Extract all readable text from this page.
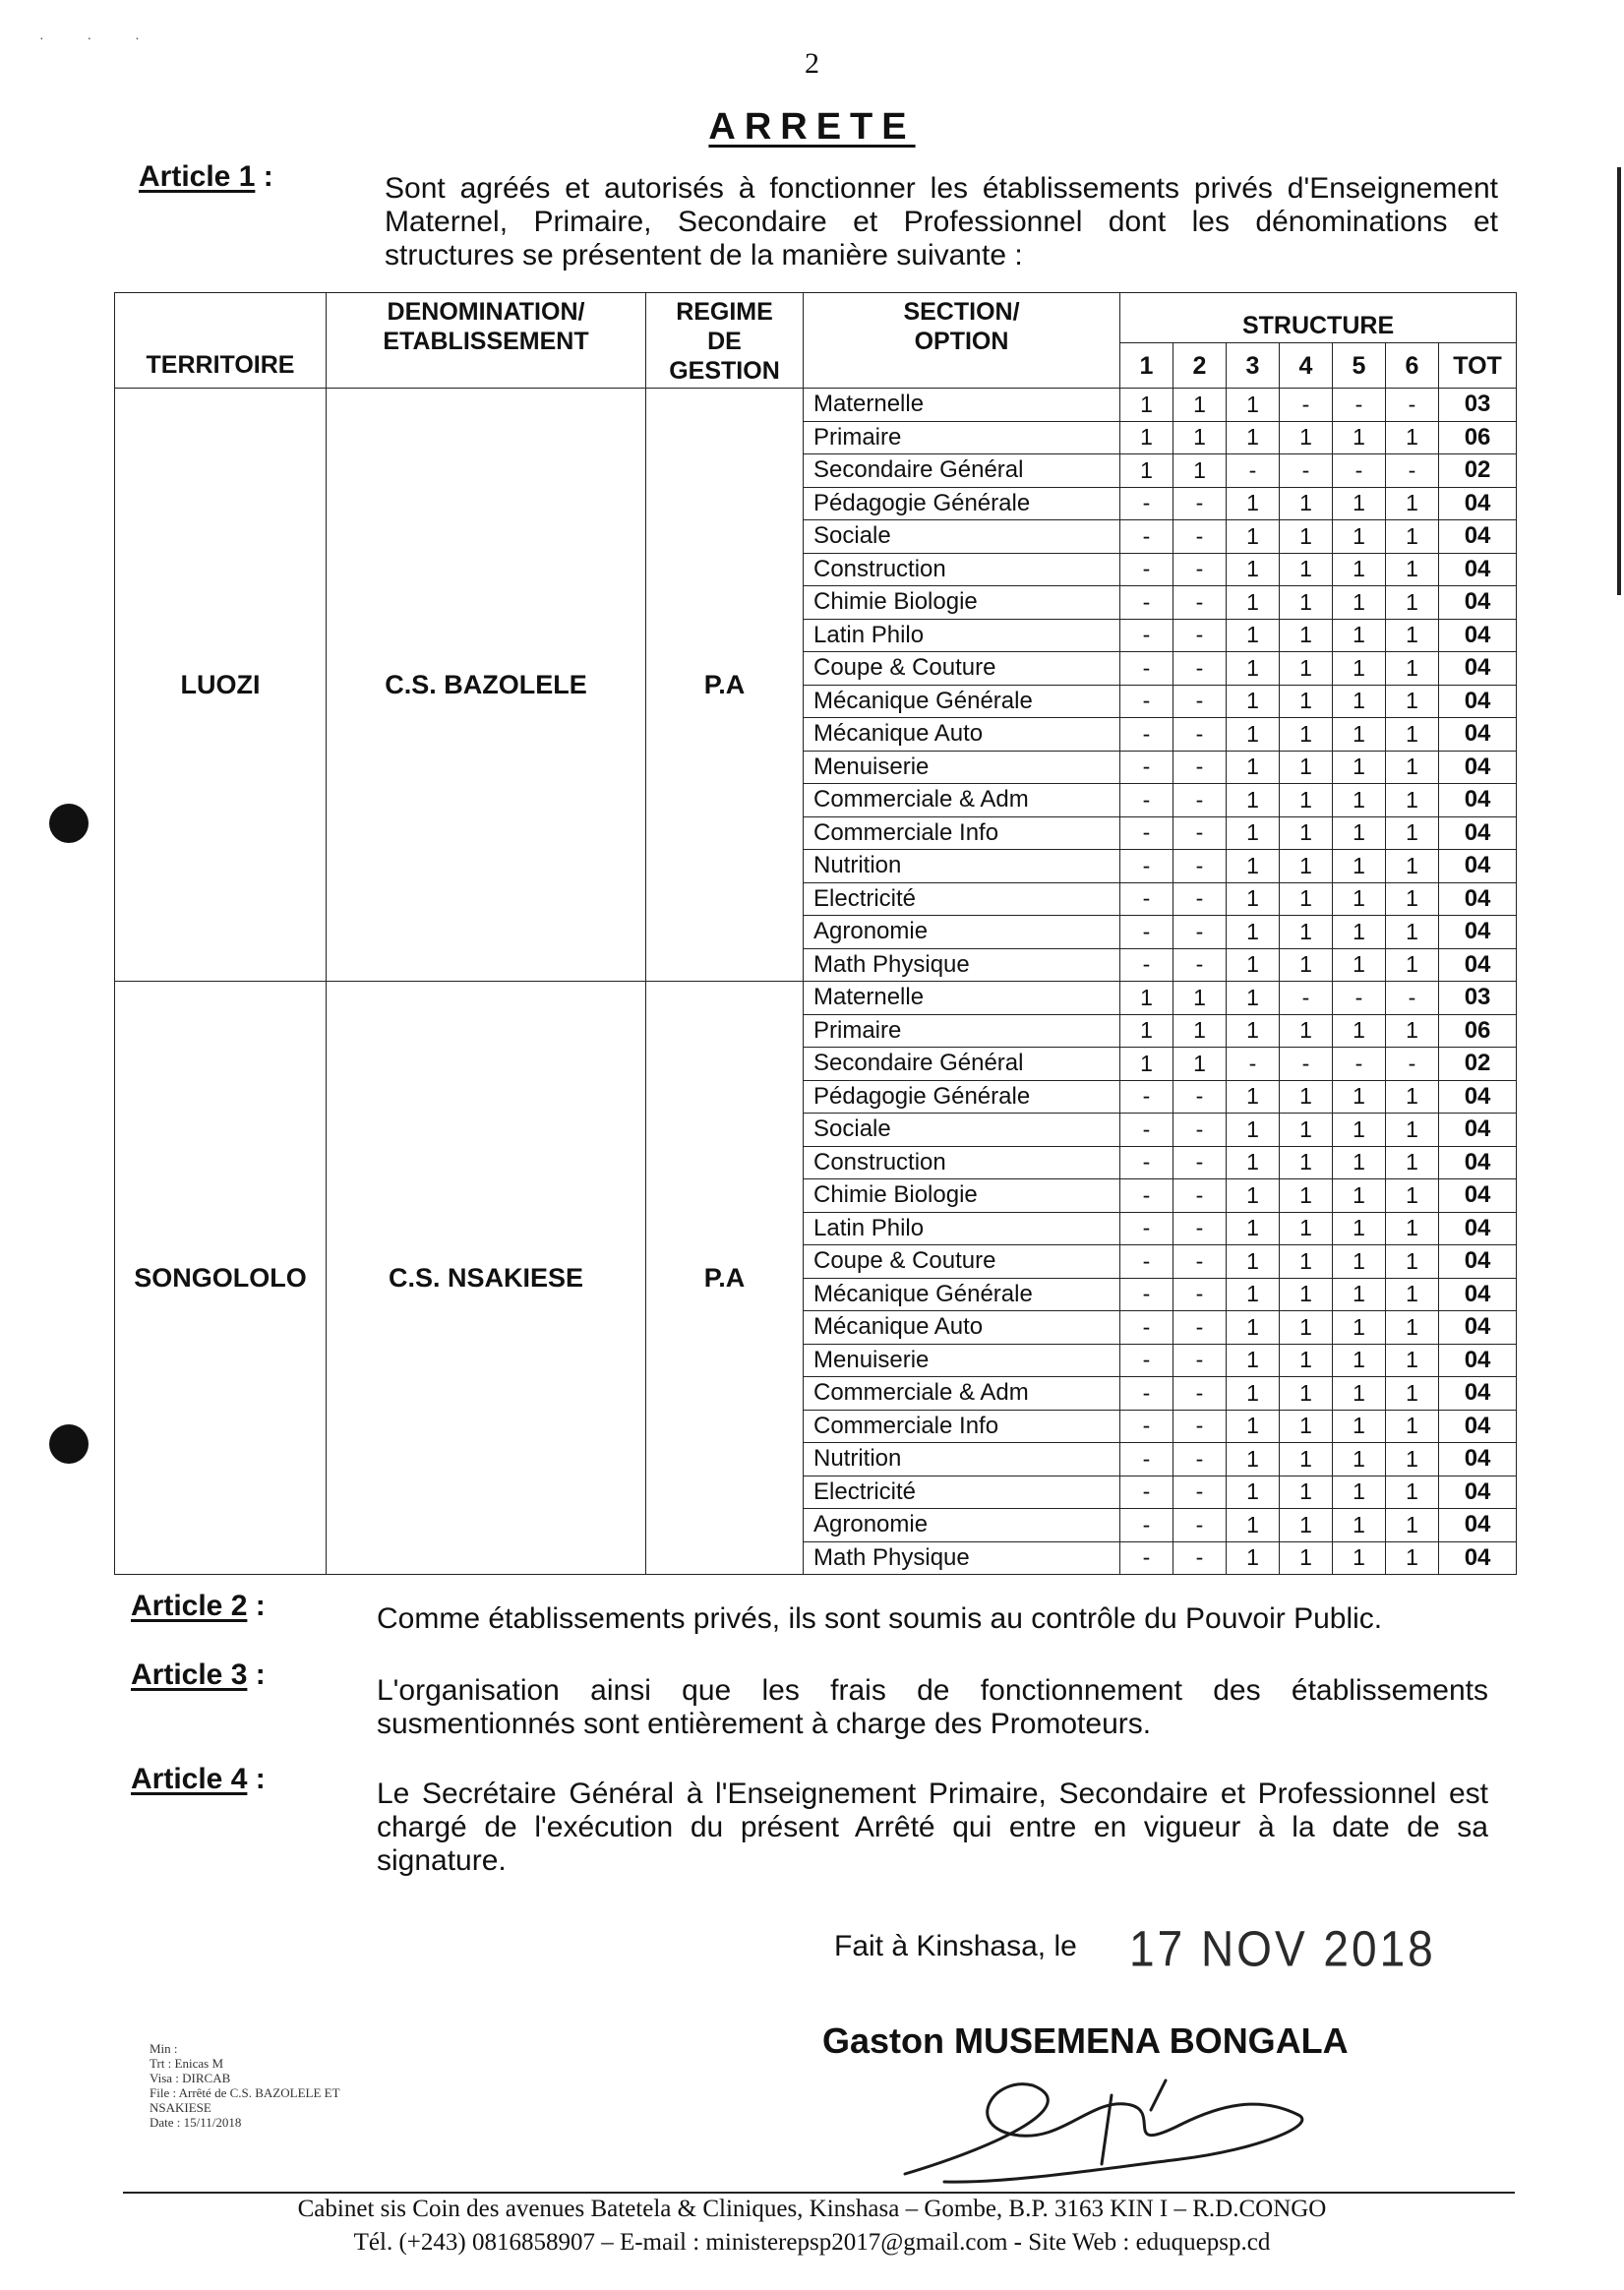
· · ·
2
ARRETE
Article 1 :	Sont agréés et autorisés à fonctionner les établissements privés d'Enseignement
Maternel, Primaire, Secondaire et Professionnel dont les dénominations et
structures se présentent de la manière suivante :
TERRITOIRE	DENOMINATION/ ETABLISSEMENT	REGIME DE GESTION	SECTION/ OPTION	STRUCTURE						
				1	2	3	4	5	6	TOT
LUOZI	C.S. BAZOLELE	P.A	Maternelle	1	1	1	-	-	-	03
			Primaire	1	1	1	1	1	1	06
			Secondaire Général	1	1	-	-	-	-	02
			Pédagogie Générale	-	-	1	1	1	1	04
			Sociale	-	-	1	1	1	1	04
			Construction	-	-	1	1	1	1	04
			Chimie Biologie	-	-	1	1	1	1	04
			Latin Philo	-	-	1	1	1	1	04
			Coupe & Couture	-	-	1	1	1	1	04
			Mécanique Générale	-	-	1	1	1	1	04
			Mécanique Auto	-	-	1	1	1	1	04
			Menuiserie	-	-	1	1	1	1	04
			Commerciale & Adm	-	-	1	1	1	1	04
			Commerciale Info	-	-	1	1	1	1	04
			Nutrition	-	-	1	1	1	1	04
			Electricité	-	-	1	1	1	1	04
			Agronomie	-	-	1	1	1	1	04
			Math Physique	-	-	1	1	1	1	04
SONGOLOLO	C.S. NSAKIESE	P.A	Maternelle	1	1	1	-	-	-	03
			Primaire	1	1	1	1	1	1	06
			Secondaire Général	1	1	-	-	-	-	02
			Pédagogie Générale	-	-	1	1	1	1	04
			Sociale	-	-	1	1	1	1	04
			Construction	-	-	1	1	1	1	04
			Chimie Biologie	-	-	1	1	1	1	04
			Latin Philo	-	-	1	1	1	1	04
			Coupe & Couture	-	-	1	1	1	1	04
			Mécanique Générale	-	-	1	1	1	1	04
			Mécanique Auto	-	-	1	1	1	1	04
			Menuiserie	-	-	1	1	1	1	04
			Commerciale & Adm	-	-	1	1	1	1	04
			Commerciale Info	-	-	1	1	1	1	04
			Nutrition	-	-	1	1	1	1	04
			Electricité	-	-	1	1	1	1	04
			Agronomie	-	-	1	1	1	1	04
			Math Physique	-	-	1	1	1	1	04
Article 2 :	Comme établissements privés, ils sont soumis au contrôle du Pouvoir Public.
Article 3 :	L'organisation ainsi que les frais de fonctionnement des établissements
susmentionnés sont entièrement à charge des Promoteurs.
Article 4 :	Le Secrétaire Général à l'Enseignement Primaire, Secondaire et Professionnel est
chargé de l'exécution du présent Arrêté qui entre en vigueur à la date de sa
signature.
Fait à Kinshasa, le 17 NOV 2018
Gaston MUSEMENA BONGALA
Min :
Trt : Enicas M
Visa : DIRCAB
File : Arrêté de C.S. BAZOLELE ET
NSAKIESE
Date : 15/11/2018
Cabinet sis Coin des avenues Batetela & Cliniques, Kinshasa – Gombe, B.P. 3163 KIN I – R.D.CONGO
Tél. (+243) 0816858907 – E-mail : ministerepsp2017@gmail.com - Site Web : eduquepsp.cd
